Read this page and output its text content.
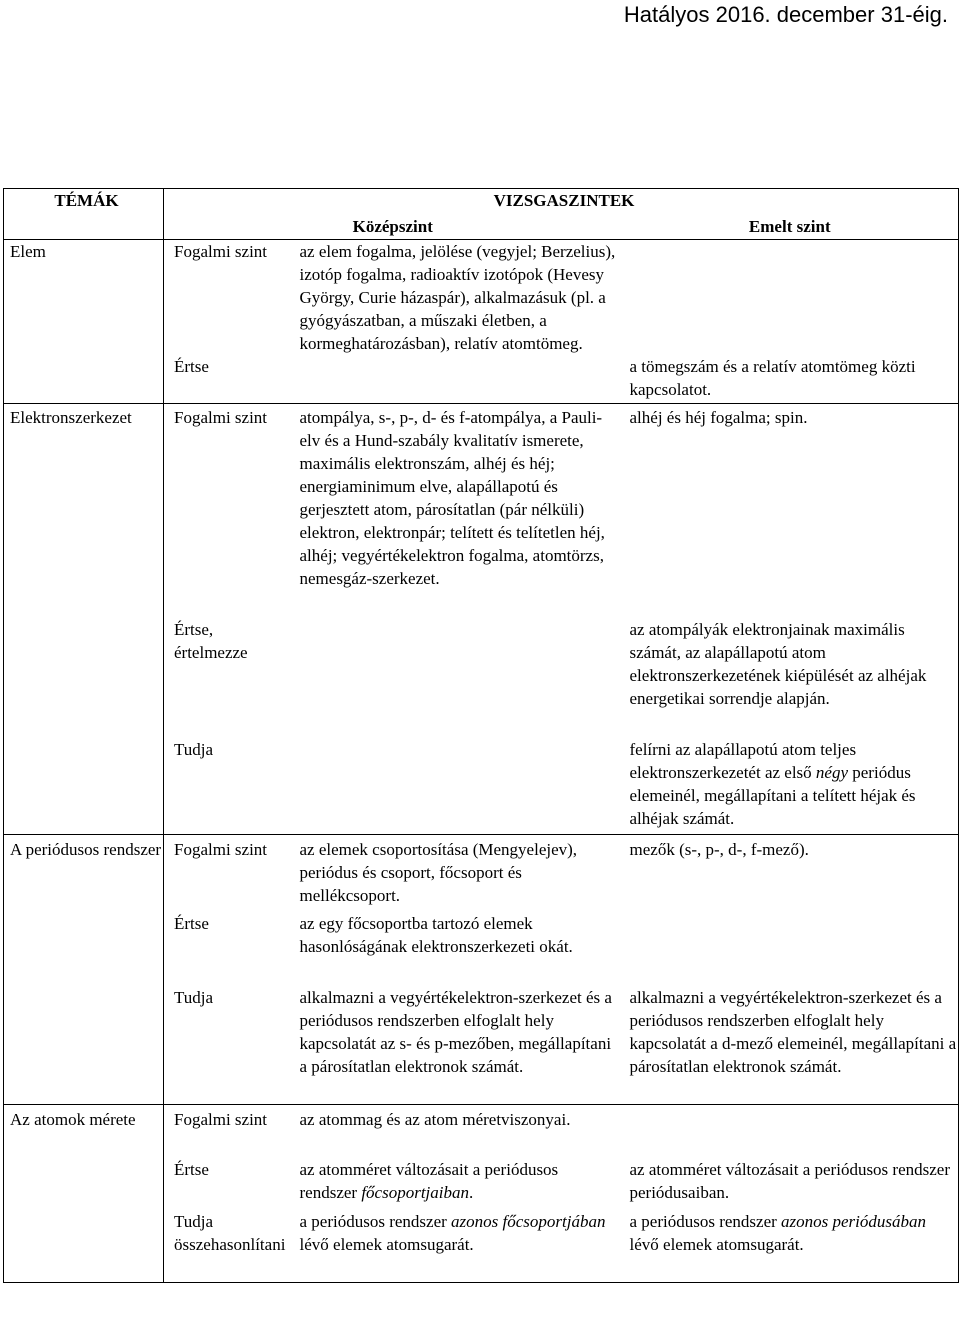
Hatályos 2016. december 31-éig.
TÉMÁK	VIZSGASZINTEK		
	Középszint		Emelt szint
Elem	Fogalmi szint	az elem fogalma, jelölése (vegyjel; Berzelius), izotóp fogalma, radioaktív izotópok (Hevesy György, Curie házaspár), alkalmazásuk (pl. a gyógyászatban, a műszaki életben, a kormeghatározásban), relatív atomtömeg.	
	Értse		a tömegszám és a relatív atomtömeg közti kapcsolatot.
Elektronszerkezet	Fogalmi szint	atompálya, s-, p-, d- és f-atompálya, a Pauli-elv és a Hund-szabály kvalitatív ismerete, maximális elektronszám, alhéj és héj; energiaminimum elve, alapállapotú és gerjesztett atom, párosítatlan (pár nélküli) elektron, elektronpár; telített és telítetlen héj, alhéj; vegyértékelektron fogalma, atomtörzs, nemesgáz-szerkezet.	alhéj és héj fogalma; spin.
	Értse, értelmezze		az atompályák elektronjainak maximális számát, az alapállapotú atom elektronszerkezetének kiépülését az alhéjak energetikai sorrendje alapján.
	Tudja		felírni az alapállapotú atom teljes elektronszerkezetét az első négy periódus elemeinél, megállapítani a telített héjak és alhéjak számát.
A periódusos rendszer	Fogalmi szint	az elemek csoportosítása (Mengyelejev), periódus és csoport, főcsoport és mellékcsoport.	mezők (s-, p-, d-, f-mező).
	Értse	az egy főcsoportba tartozó elemek hasonlóságának elektronszerkezeti okát.	
	Tudja	alkalmazni a vegyértékelektron-szerkezet és a periódusos rendszerben elfoglalt hely kapcsolatát az s- és p-mezőben, megállapítani a párosítatlan elektronok számát.	alkalmazni a vegyértékelektron-szerkezet és a periódusos rendszerben elfoglalt hely kapcsolatát a d-mező elemeinél, megállapítani a párosítatlan elektronok számát.
Az atomok mérete	Fogalmi szint	az atommag és az atom méretviszonyai.	
	Értse	az atomméret változásait a periódusos rendszer főcsoportjaiban.	az atomméret változásait a periódusos rendszer periódusaiban.
	Tudja összehasonlítani	a periódusos rendszer azonos főcsoportjában lévő elemek atomsugarát.	a periódusos rendszer azonos periódusában lévő elemek atomsugarát.
